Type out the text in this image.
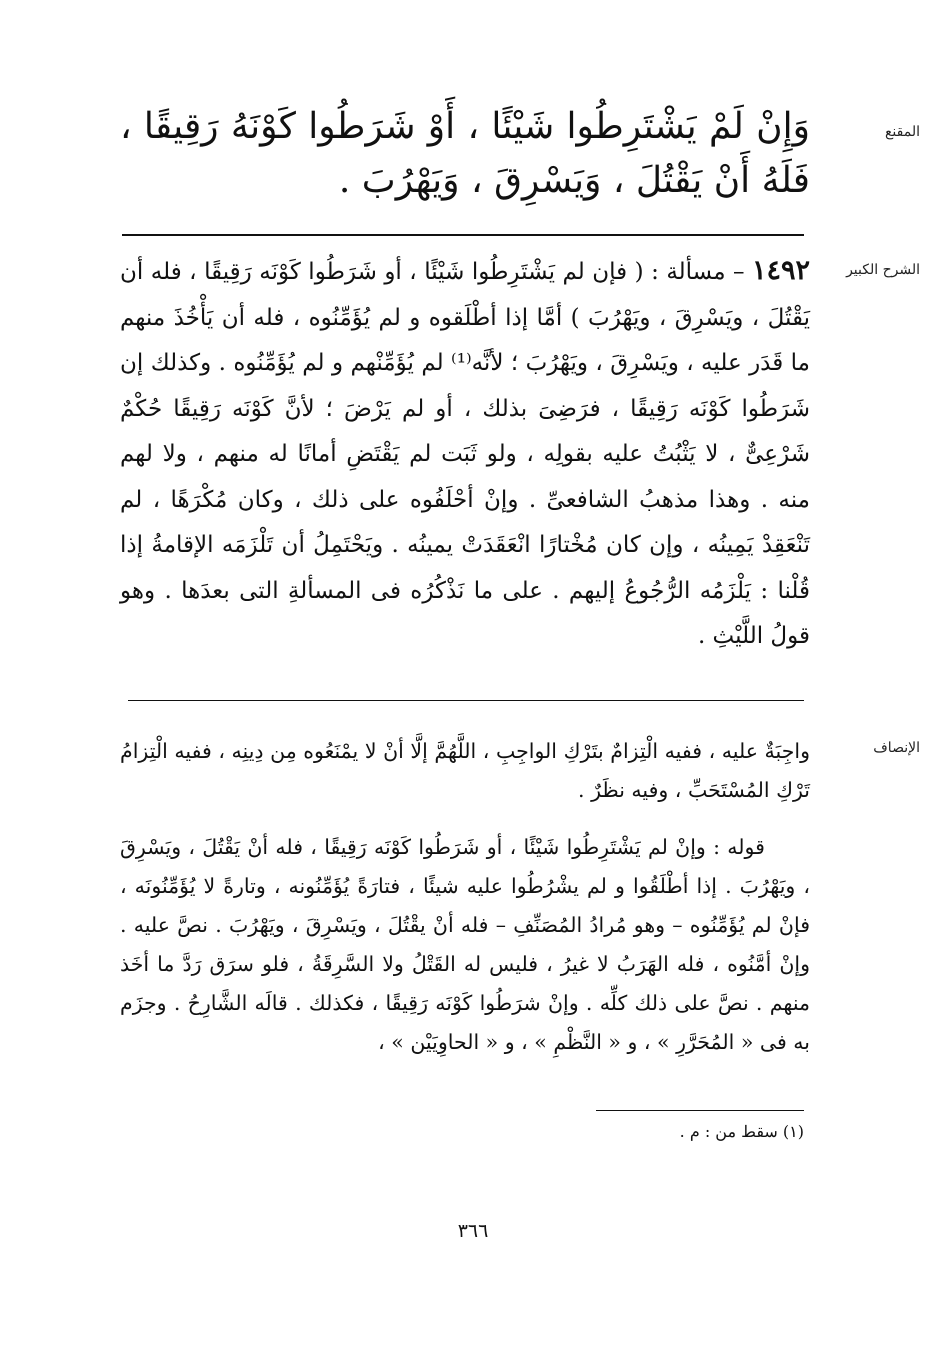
المقنع
وَإِنْ لَمْ يَشْتَرِطُوا شَيْئًا ، أَوْ شَرَطُوا كَوْنَهُ رَقِيقًا ، فَلَهُ أَنْ يَقْتُلَ ، وَيَسْرِقَ ، وَيَهْرُبَ .
الشرح الكبير
١٤٩٢ – مسألة : ( فإن لم يَشْتَرِطُوا شَيْئًا ، أو شَرَطُوا كَوْنَه رَقِيقًا ، فله أن يَقْتُلَ ، ويَسْرِقَ ، ويَهْرُبَ ) أمَّا إذا أطْلَقوه و لم يُؤَمِّنُوه ، فله أن يَأْخُذَ منهم ما قَدَر عليه ، ويَسْرِقَ ، ويَهْرُبَ ؛ لأنَّه⁽¹⁾ لم يُؤَمِّنْهم و لم يُؤَمِّنُوه . وكذلك إن شَرَطُوا كَوْنَه رَقِيقًا ، فرَضِىَ بذلك ، أو لم يَرْضَ ؛ لأنَّ كَوْنَه رَقِيقًا حُكْمٌ شَرْعِىٌّ ، لا يَثْبُتُ عليه بقولِه ، ولو ثَبَت لم يَقْتَضِ أمانًا له منهم ، ولا لهم منه . وهذا مذهبُ الشافعىِّ . وإنْ أحْلَفُوه على ذلك ، وكان مُكْرَهًا ، لم تَنْعَقِدْ يَمِينُه ، وإن كان مُخْتارًا انْعَقَدَتْ يمينُه . ويَحْتَمِلُ أن تَلْزَمَه الإقامةُ إذا قُلْنا : يَلْزَمُه الرُّجُوعُ إليهم . على ما نَذْكُرُه فى المسألةِ التى بعدَها . وهو قولُ اللَّيْثِ .
الإنصاف
واجِبَةٌ عليه ، ففيه الْتِزامٌ بتَرْكِ الواجِبِ ، اللَّهُمَّ إلَّا أنْ لا يمْنَعُوه مِن دِينِه ، ففيه الْتِزامُ تَرْكِ المُسْتَحَبِّ ، وفيه نظَرٌ .
قوله : وإنْ لم يَشْتَرِطُوا شَيْئًا ، أو شَرَطُوا كَوْنَه رَقِيقًا ، فله أنْ يَقْتُلَ ، ويَسْرِقَ ، ويَهْرُبَ . إذا أطْلَقُوا و لم يشْرُطُوا عليه شيئًا ، فتارَةً يُؤَمِّنُونه ، وتارةً لا يُؤَمِّنُونَه ، فإنْ لم يُؤَمِّنُوه – وهو مُرادُ المُصَنِّفِ – فله أنْ يقْتُلَ ، ويَسْرِقَ ، ويَهْرُبَ . نصَّ عليه . وإنْ أمَّنُوه ، فله الهَرَبُ لا غيرُ ، فليس له القَتْلُ ولا السَّرِقَةُ ، فلو سرَق رَدَّ ما أخَذ منهم . نصَّ على ذلك كلِّه . وإنْ شرَطُوا كَوْنَه رَقِيقًا ، فكذلك . قالَه الشَّارِحُ . وجزَم به فى « المُحَرَّرِ » ، و « النَّظْمِ » ، و « الحاوِيَيْن » ،
(١) سقط من : م .
٣٦٦
